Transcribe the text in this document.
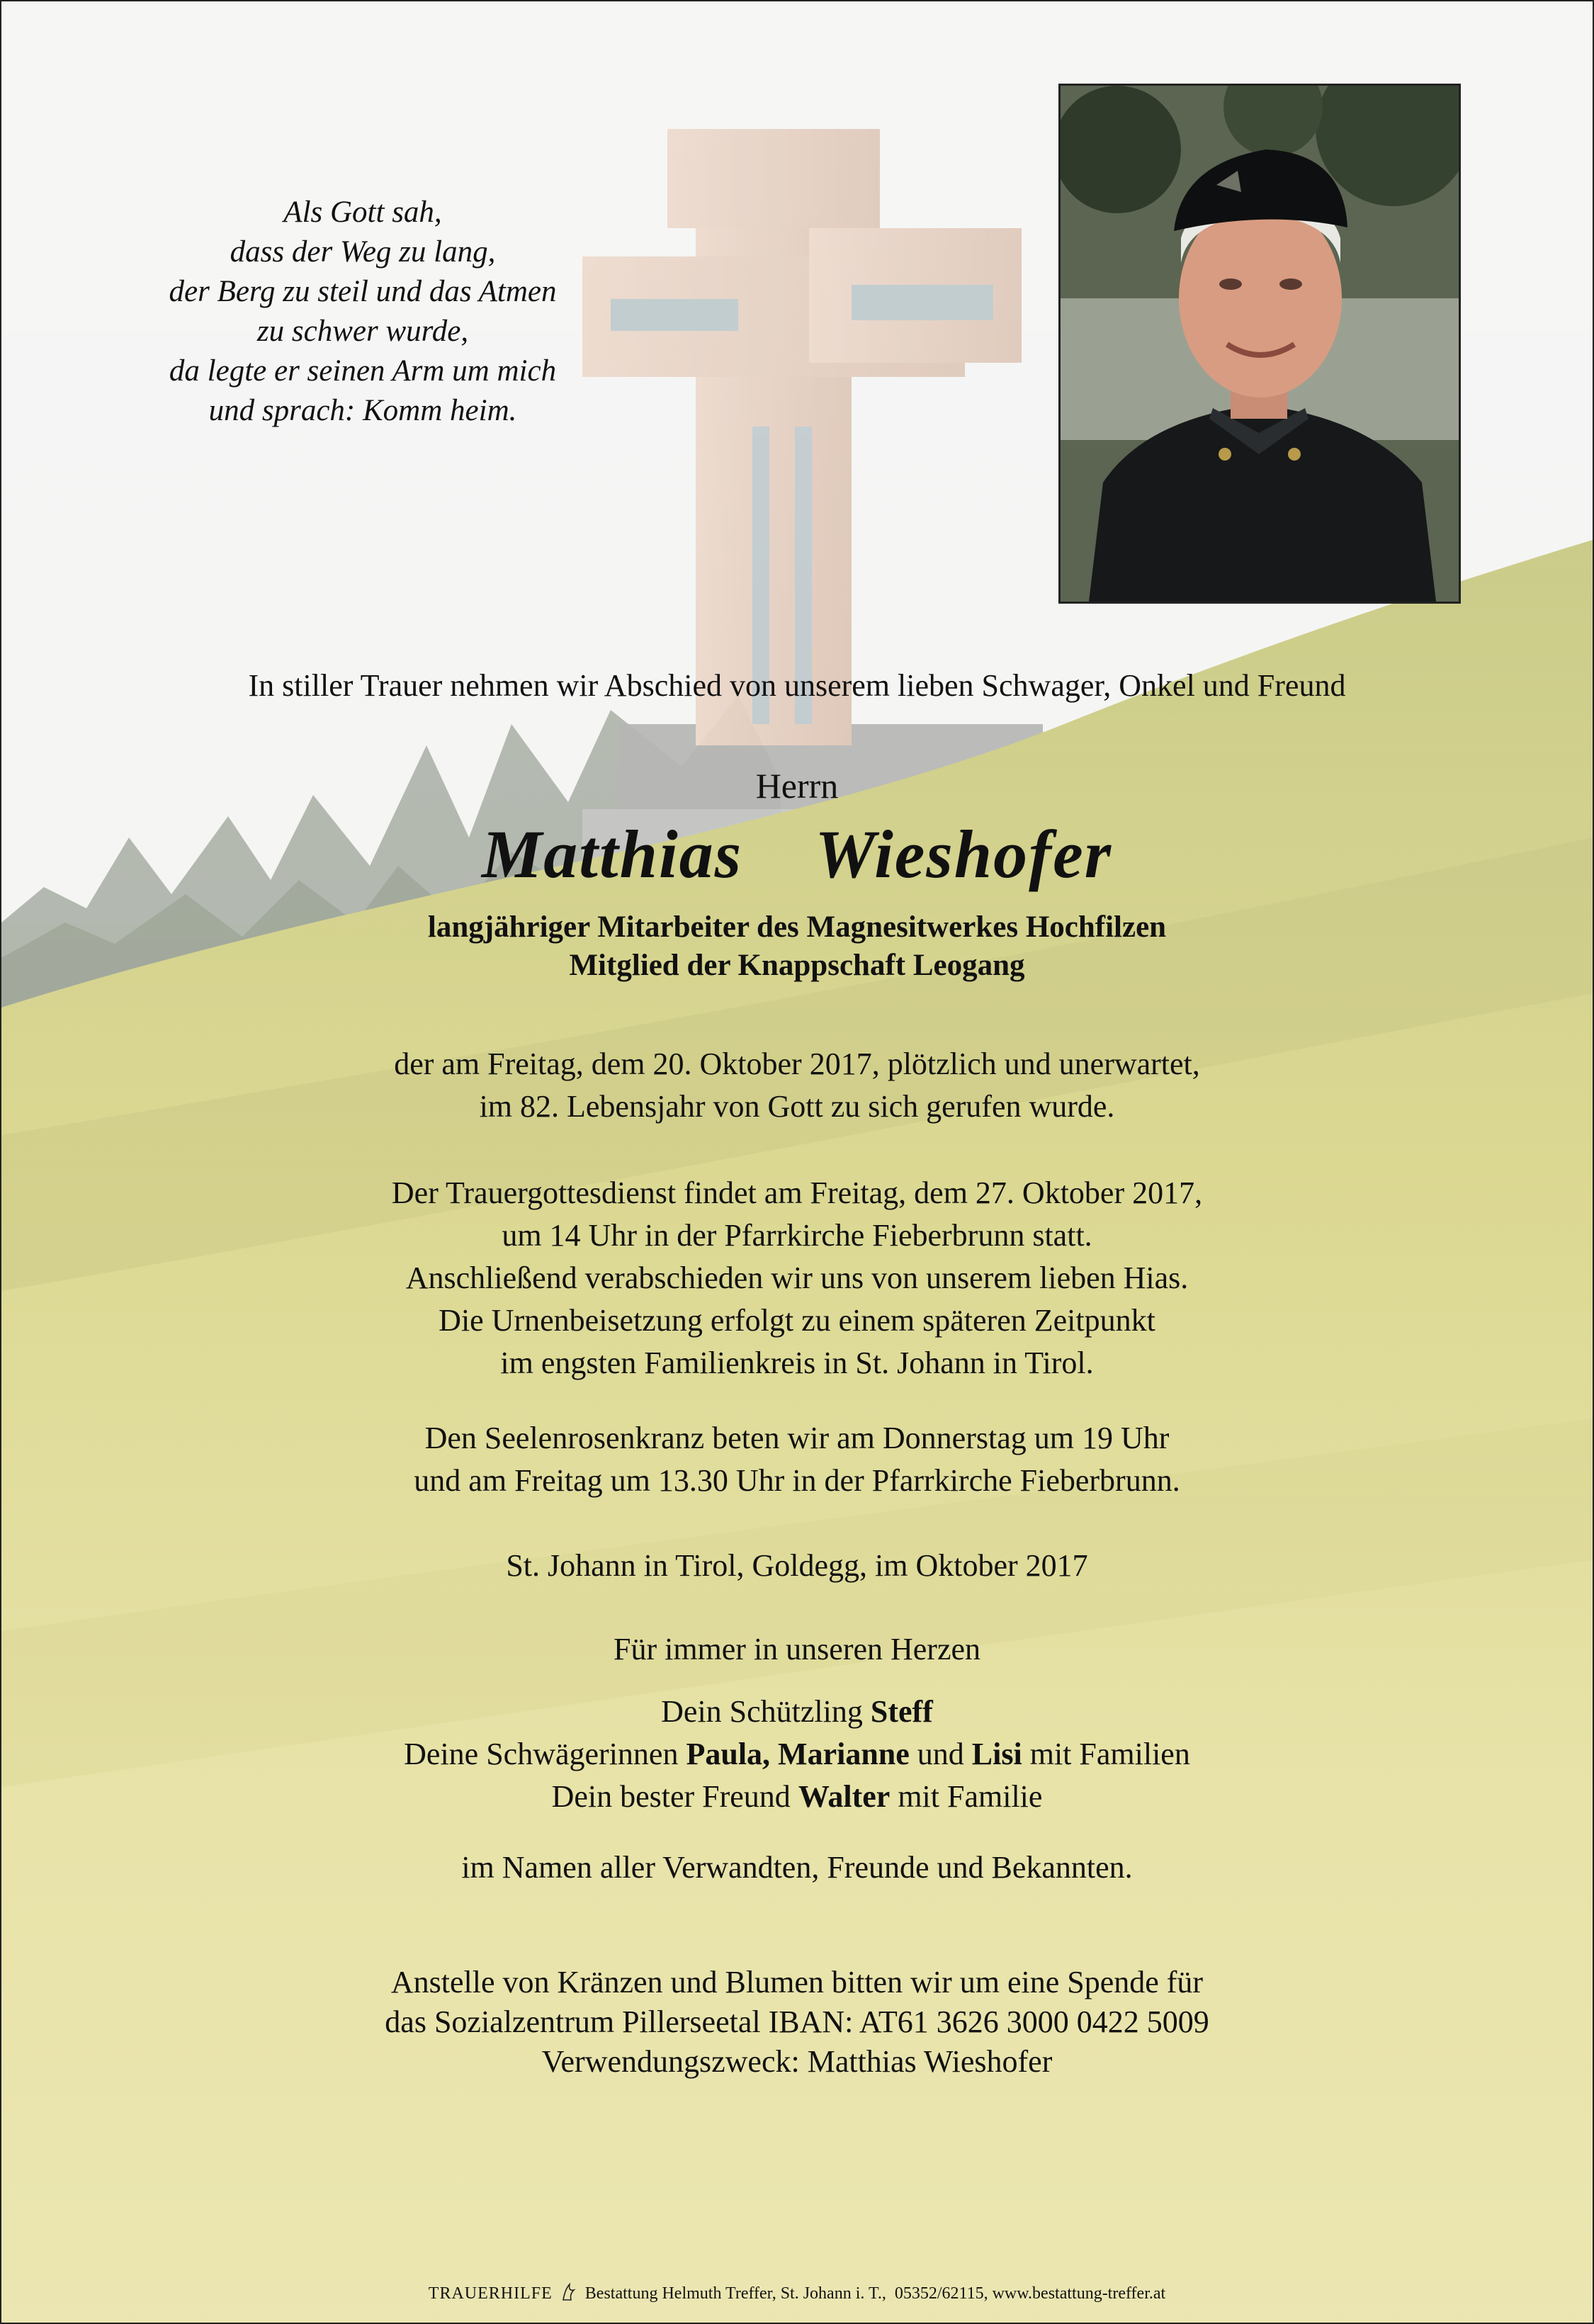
Als Gott sah,
dass der Weg zu lang,
der Berg zu steil und das Atmen
zu schwer wurde,
da legte er seinen Arm um mich
und sprach: Komm heim.
In stiller Trauer nehmen wir Abschied von unserem lieben Schwager, Onkel und Freund
Herrn
Matthias  Wieshofer
langjähriger Mitarbeiter des Magnesitwerkes Hochfilzen
Mitglied der Knappschaft Leogang
der am Freitag, dem 20. Oktober 2017, plötzlich und unerwartet,
im 82. Lebensjahr von Gott zu sich gerufen wurde.
Der Trauergottesdienst findet am Freitag, dem 27. Oktober 2017,
um 14 Uhr in der Pfarrkirche Fieberbrunn statt.
Anschließend verabschieden wir uns von unserem lieben Hias.
Die Urnenbeisetzung erfolgt zu einem späteren Zeitpunkt
im engsten Familienkreis in St. Johann in Tirol.
Den Seelenrosenkranz beten wir am Donnerstag um 19 Uhr
und am Freitag um 13.30 Uhr in der Pfarrkirche Fieberbrunn.
St. Johann in Tirol, Goldegg, im Oktober 2017
Für immer in unseren Herzen
Dein Schützling Steff
Deine Schwägerinnen Paula, Marianne und Lisi mit Familien
Dein bester Freund Walter mit Familie
im Namen aller Verwandten, Freunde und Bekannten.
Anstelle von Kränzen und Blumen bitten wir um eine Spende für
das Sozialzentrum Pillerseetal IBAN: AT61 3626 3000 0422 5009
Verwendungszweck: Matthias Wieshofer
TRAUERHILFE Bestattung Helmuth Treffer, St. Johann i. T.,  05352/62115, www.bestattung-treffer.at
